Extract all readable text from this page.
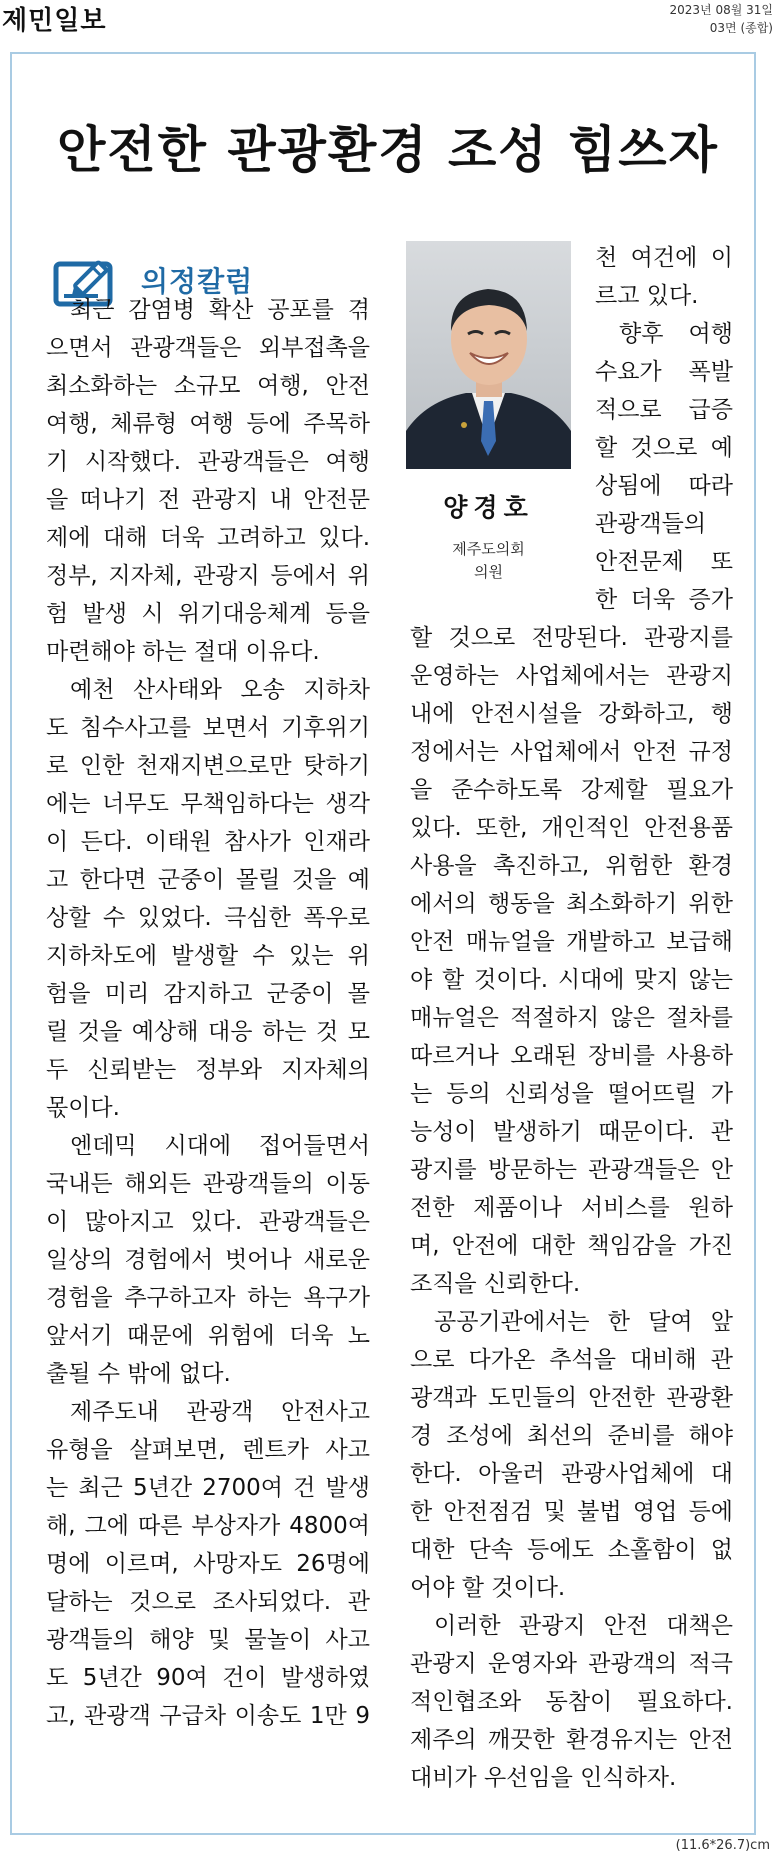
제민일보	2023년 08월 31일
03면 (종합)
안전한 관광환경 조성 힘쓰자
의정칼럼
양경호
제주도의회
의원
최근 감염병 확산 공포를 겪
으면서 관광객들은 외부접촉을
최소화하는 소규모 여행, 안전
여행, 체류형 여행 등에 주목하
기 시작했다. 관광객들은 여행
을 떠나기 전 관광지 내 안전문
제에 대해 더욱 고려하고 있다.
정부, 지자체, 관광지 등에서 위
험 발생 시 위기대응체계 등을
마련해야 하는 절대 이유다.
예천 산사태와 오송 지하차
도 침수사고를 보면서 기후위기
로 인한 천재지변으로만 탓하기
에는 너무도 무책임하다는 생각
이 든다. 이태원 참사가 인재라
고 한다면 군중이 몰릴 것을 예
상할 수 있었다. 극심한 폭우로
지하차도에 발생할 수 있는 위
험을 미리 감지하고 군중이 몰
릴 것을 예상해 대응 하는 것 모
두 신뢰받는 정부와 지자체의
몫이다.
엔데믹 시대에 접어들면서
국내든 해외든 관광객들의 이동
이 많아지고 있다. 관광객들은
일상의 경험에서 벗어나 새로운
경험을 추구하고자 하는 욕구가
앞서기 때문에 위험에 더욱 노
출될 수 밖에 없다.
제주도내 관광객 안전사고
유형을 살펴보면, 렌트카 사고
는 최근 5년간 2700여 건 발생
해, 그에 따른 부상자가 4800여
명에 이르며, 사망자도 26명에
달하는 것으로 조사되었다. 관
광객들의 해양 및 물놀이 사고
도 5년간 90여 건이 발생하였
고, 관광객 구급차 이송도 1만 9
천 여건에 이
르고 있다.
향후 여행
수요가 폭발
적으로 급증
할 것으로 예
상됨에 따라
관광객들의
안전문제 또
한 더욱 증가
할 것으로 전망된다. 관광지를
운영하는 사업체에서는 관광지
내에 안전시설을 강화하고, 행
정에서는 사업체에서 안전 규정
을 준수하도록 강제할 필요가
있다. 또한, 개인적인 안전용품
사용을 촉진하고, 위험한 환경
에서의 행동을 최소화하기 위한
안전 매뉴얼을 개발하고 보급해
야 할 것이다. 시대에 맞지 않는
매뉴얼은 적절하지 않은 절차를
따르거나 오래된 장비를 사용하
는 등의 신뢰성을 떨어뜨릴 가
능성이 발생하기 때문이다. 관
광지를 방문하는 관광객들은 안
전한 제품이나 서비스를 원하
며, 안전에 대한 책임감을 가진
조직을 신뢰한다.
공공기관에서는 한 달여 앞
으로 다가온 추석을 대비해 관
광객과 도민들의 안전한 관광환
경 조성에 최선의 준비를 해야
한다. 아울러 관광사업체에 대
한 안전점검 및 불법 영업 등에
대한 단속 등에도 소홀함이 없
어야 할 것이다.
이러한 관광지 안전 대책은
관광지 운영자와 관광객의 적극
적인협조와 동참이 필요하다.
제주의 깨끗한 환경유지는 안전
대비가 우선임을 인식하자.
(11.6*26.7)cm
